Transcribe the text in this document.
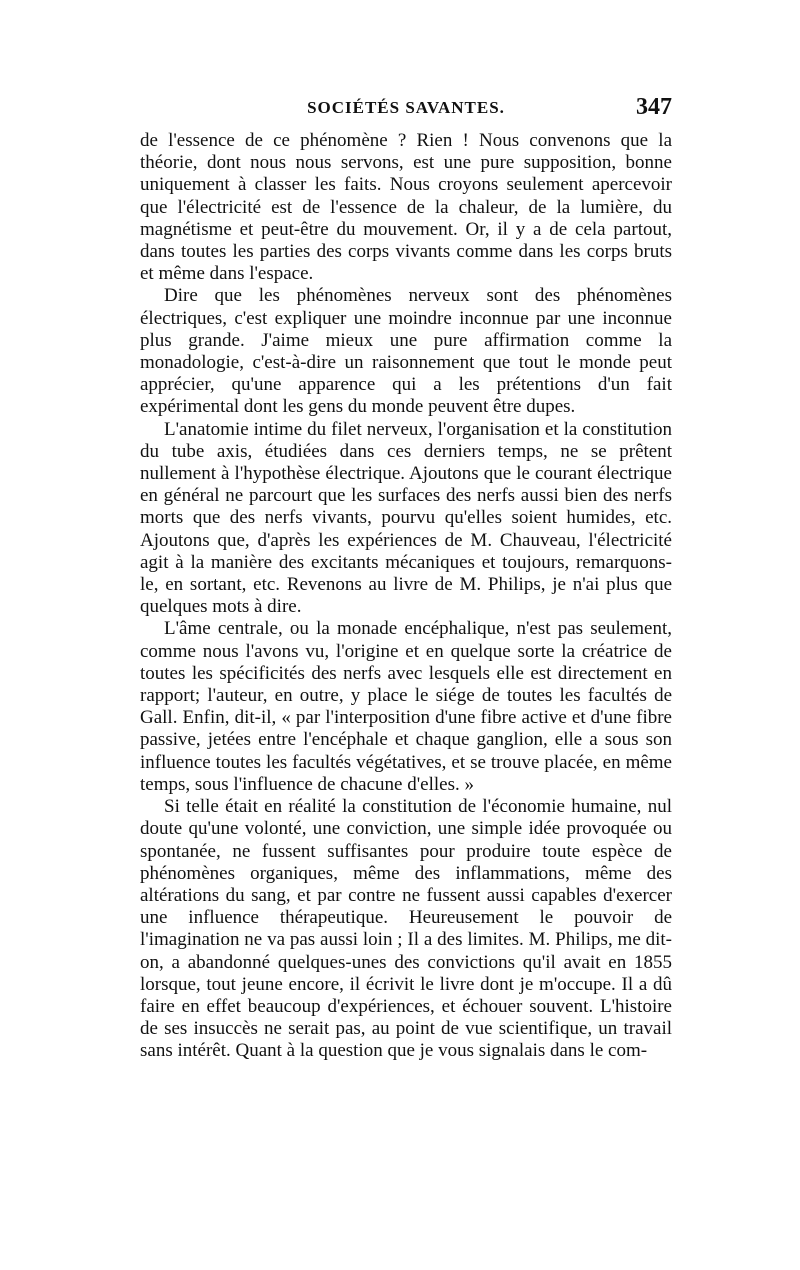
SOCIÉTÉS SAVANTES.	347

de l'essence de ce phénomène ? Rien ! Nous convenons que la théorie, dont nous nous servons, est une pure supposition, bonne uniquement à classer les faits. Nous croyons seulement apercevoir que l'électricité est de l'essence de la chaleur, de la lumière, du magnétisme et peut-être du mouvement. Or, il y a de cela partout, dans toutes les parties des corps vivants comme dans les corps bruts et même dans l'espace.

Dire que les phénomènes nerveux sont des phénomènes électriques, c'est expliquer une moindre inconnue par une inconnue plus grande. J'aime mieux une pure affirmation comme la monadologie, c'est-à-dire un raisonnement que tout le monde peut apprécier, qu'une apparence qui a les prétentions d'un fait expérimental dont les gens du monde peuvent être dupes.

L'anatomie intime du filet nerveux, l'organisation et la constitution du tube axis, étudiées dans ces derniers temps, ne se prêtent nullement à l'hypothèse électrique. Ajoutons que le courant électrique en général ne parcourt que les surfaces des nerfs aussi bien des nerfs morts que des nerfs vivants, pourvu qu'elles soient humides, etc. Ajoutons que, d'après les expériences de M. Chauveau, l'électricité agit à la manière des excitants mécaniques et toujours, remarquons-le, en sortant, etc. Revenons au livre de M. Philips, je n'ai plus que quelques mots à dire.

L'âme centrale, ou la monade encéphalique, n'est pas seulement, comme nous l'avons vu, l'origine et en quelque sorte la créatrice de toutes les spécificités des nerfs avec lesquels elle est directement en rapport; l'auteur, en outre, y place le siége de toutes les facultés de Gall. Enfin, dit-il, « par l'interposition d'une fibre active et d'une fibre passive, jetées entre l'encéphale et chaque ganglion, elle a sous son influence toutes les facultés végétatives, et se trouve placée, en même temps, sous l'influence de chacune d'elles. »

Si telle était en réalité la constitution de l'économie humaine, nul doute qu'une volonté, une conviction, une simple idée provoquée ou spontanée, ne fussent suffisantes pour produire toute espèce de phénomènes organiques, même des inflammations, même des altérations du sang, et par contre ne fussent aussi capables d'exercer une influence thérapeutique. Heureusement le pouvoir de l'imagination ne va pas aussi loin ; Il a des limites. M. Philips, me dit-on, a abandonné quelques-unes des convictions qu'il avait en 1855 lorsque, tout jeune encore, il écrivit le livre dont je m'occupe. Il a dû faire en effet beaucoup d'expériences, et échouer souvent. L'histoire de ses insuccès ne serait pas, au point de vue scientifique, un travail sans intérêt. Quant à la question que je vous signalais dans le com-
